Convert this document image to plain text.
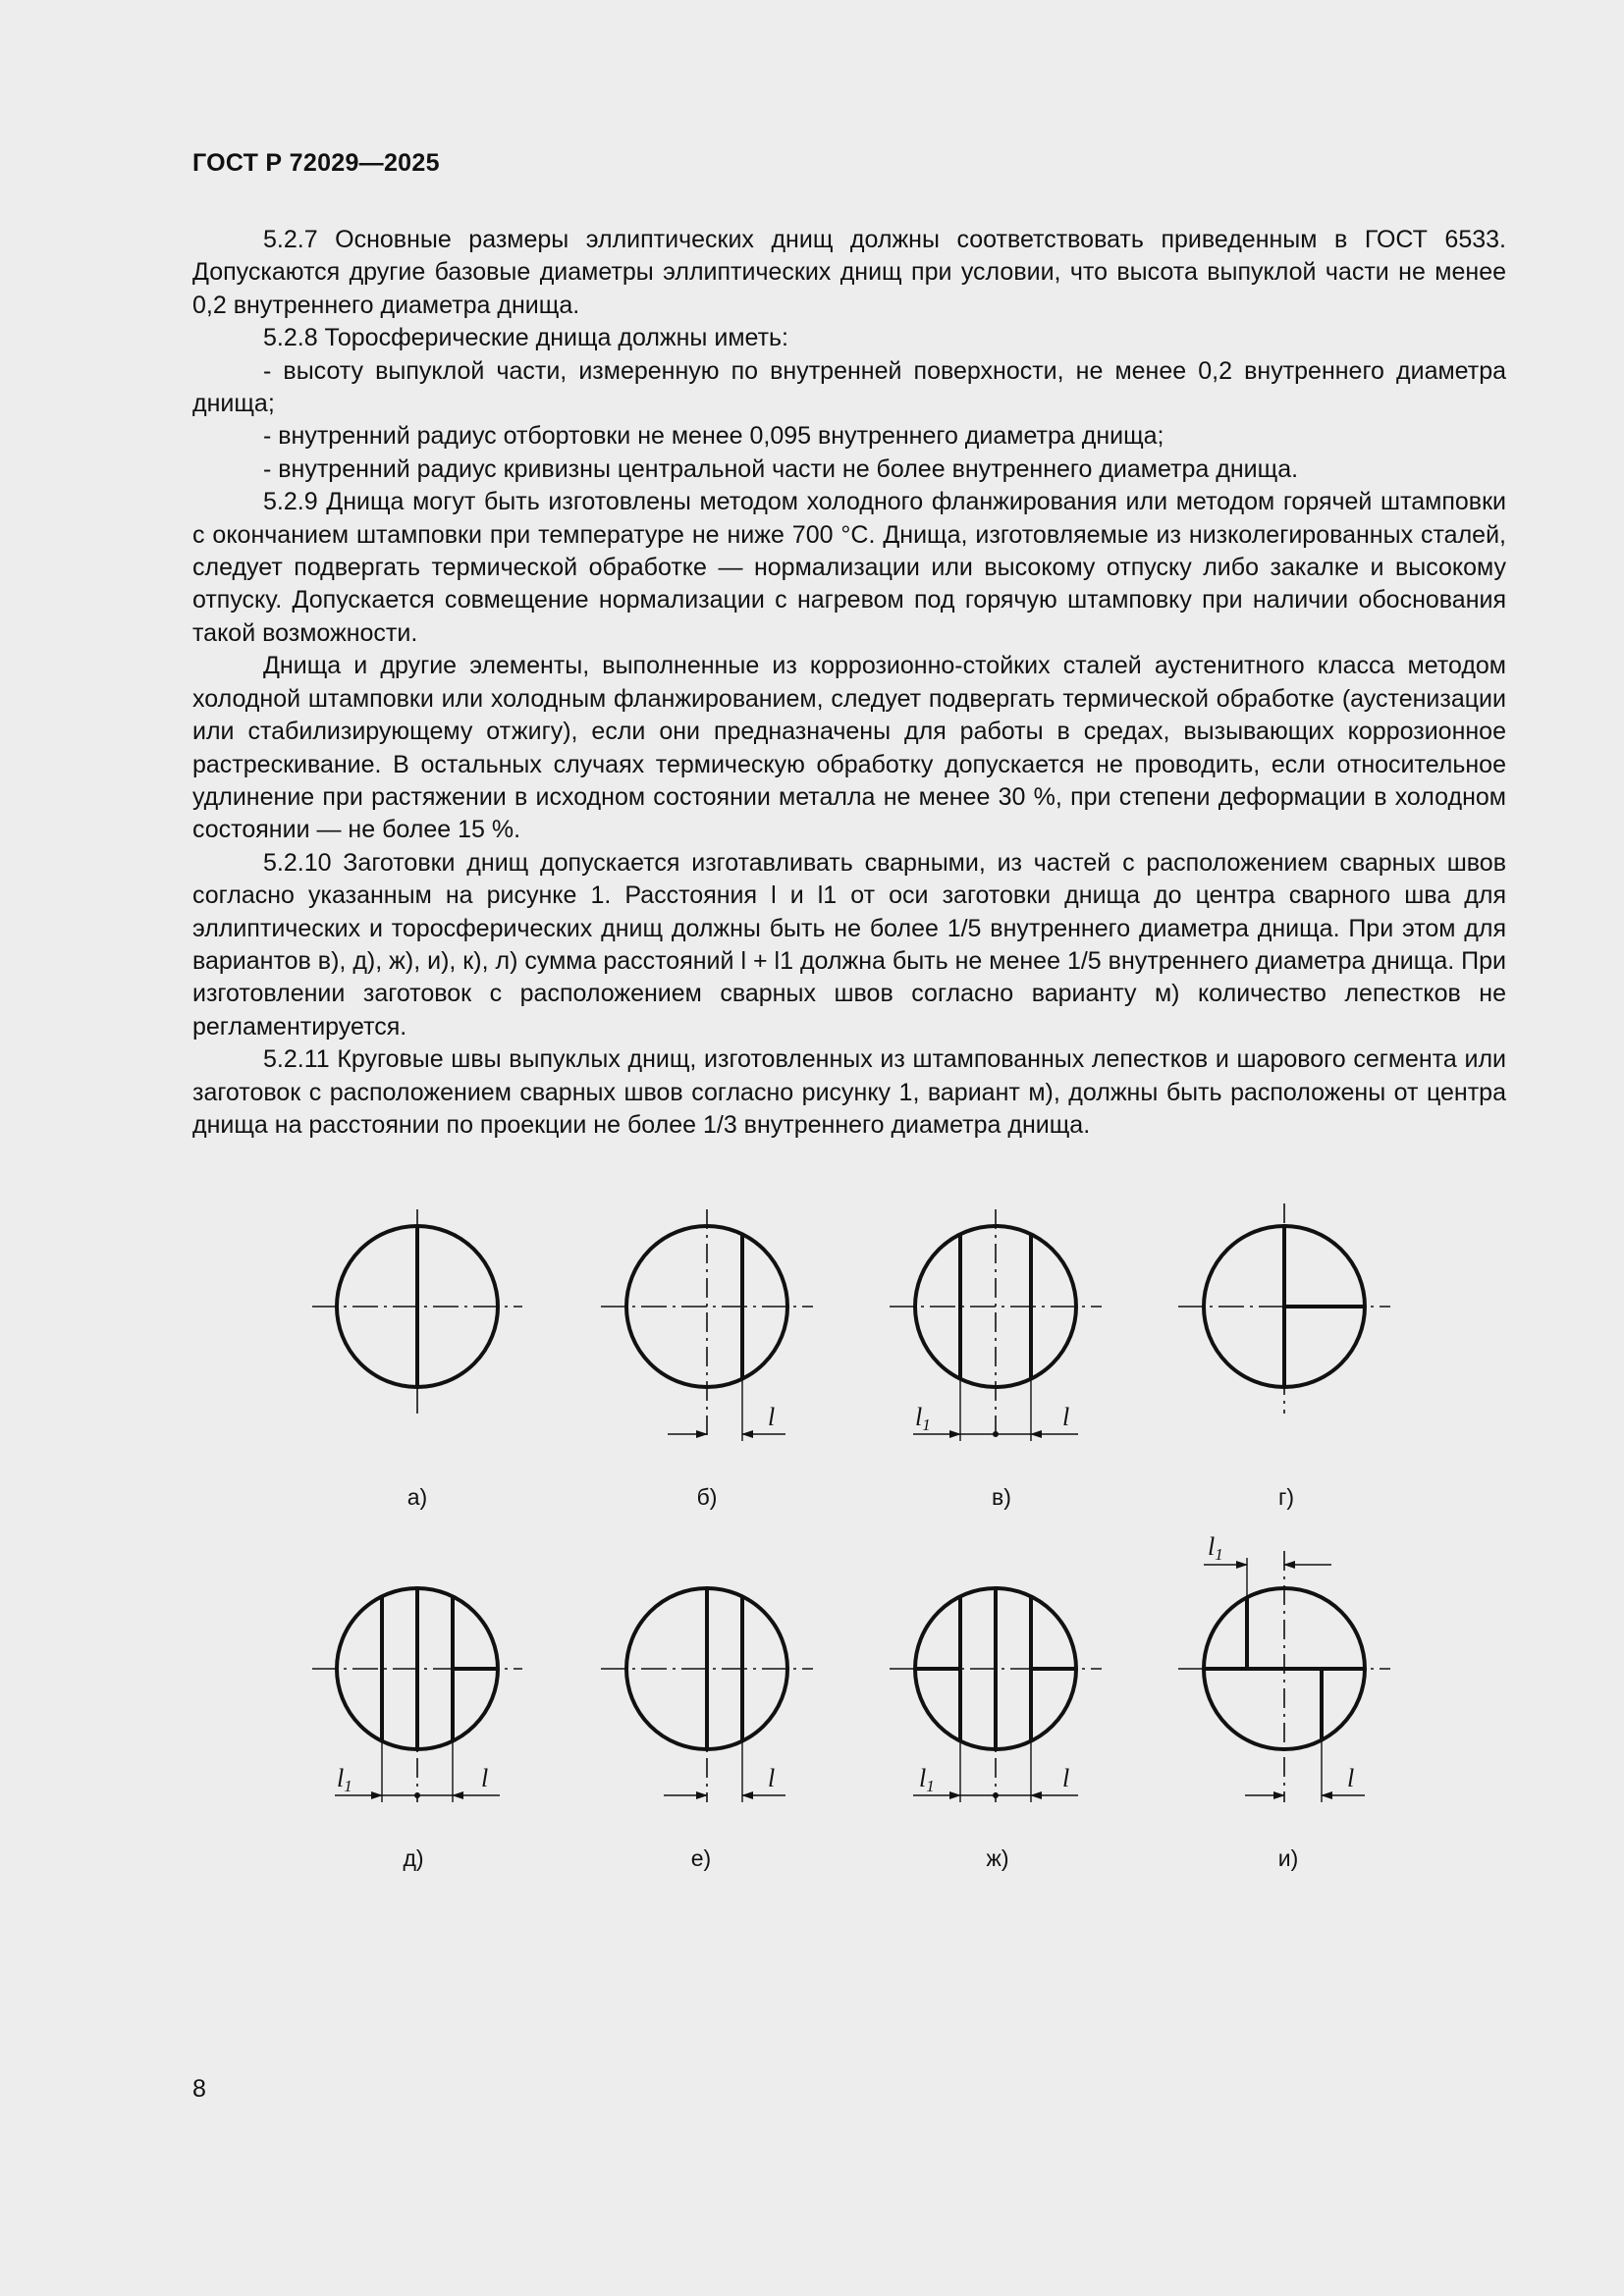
ГОСТ Р 72029—2025

5.2.7 Основные размеры эллиптических днищ должны соответствовать приведенным в ГОСТ 6533. Допускаются другие базовые диаметры эллиптических днищ при условии, что высота выпуклой части не менее 0,2 внутреннего диаметра днища.

5.2.8 Торосферические днища должны иметь:

- высоту выпуклой части, измеренную по внутренней поверхности, не менее 0,2 внутреннего диаметра днища;

- внутренний радиус отбортовки не менее 0,095 внутреннего диаметра днища;

- внутренний радиус кривизны центральной части не более внутреннего диаметра днища.

5.2.9 Днища могут быть изготовлены методом холодного фланжирования или методом горячей штамповки с окончанием штамповки при температуре не ниже 700 °C. Днища, изготовляемые из низколегированных сталей, следует подвергать термической обработке — нормализации или высокому отпуску либо закалке и высокому отпуску. Допускается совмещение нормализации с нагревом под горячую штамповку при наличии обоснования такой возможности.

Днища и другие элементы, выполненные из коррозионно-стойких сталей аустенитного класса методом холодной штамповки или холодным фланжированием, следует подвергать термической обработке (аустенизации или стабилизирующему отжигу), если они предназначены для работы в средах, вызывающих коррозионное растрескивание. В остальных случаях термическую обработку допускается не проводить, если относительное удлинение при растяжении в исходном состоянии металла не менее 30 %, при степени деформации в холодном состоянии — не более 15 %.

5.2.10 Заготовки днищ допускается изготавливать сварными, из частей с расположением сварных швов согласно указанным на рисунке 1. Расстояния l и l1 от оси заготовки днища до центра сварного шва для эллиптических и торосферических днищ должны быть не более 1/5 внутреннего диаметра днища. При этом для вариантов в), д), ж), и), к), л) сумма расстояний l + l1 должна быть не менее 1/5 внутреннего диаметра днища. При изготовлении заготовок с расположением сварных швов согласно варианту м) количество лепестков не регламентируется.

5.2.11 Круговые швы выпуклых днищ, изготовленных из штампованных лепестков и шарового сегмента или заготовок с расположением сварных швов согласно рисунку 1, вариант м), должны быть расположены от центра днища на расстоянии по проекции не более 1/3 внутреннего диаметра днища.

l	l1	l
l1	l	l	l1	l
l1
l
а)	б)	в)	г)
д)	е)	ж)	и)
8
